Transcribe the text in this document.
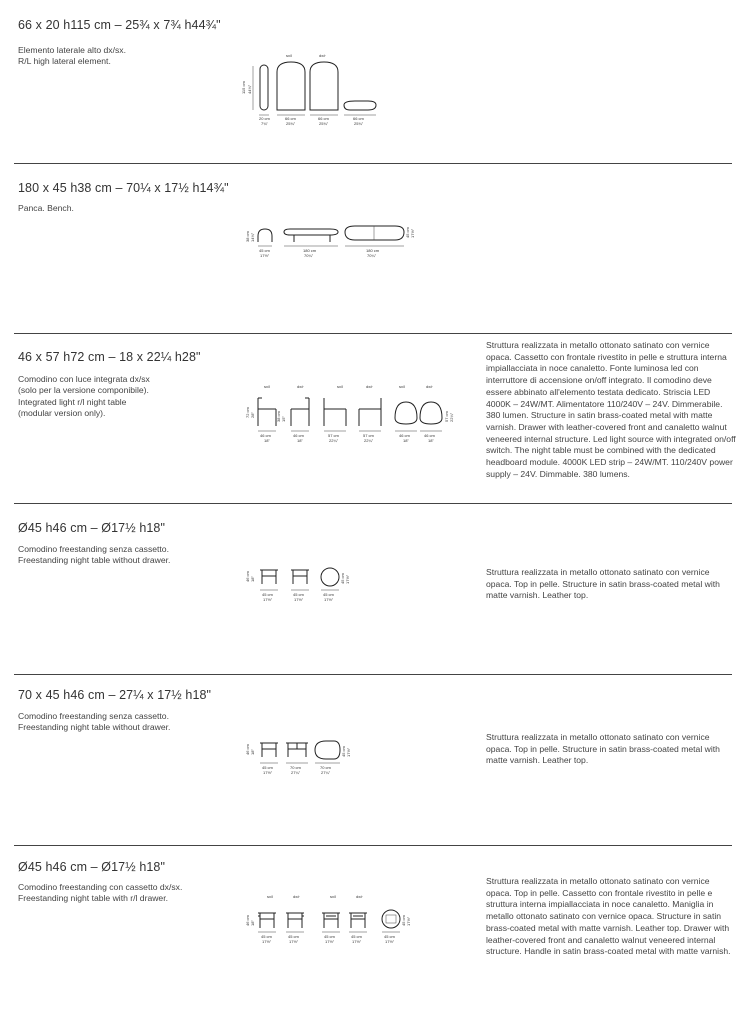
66 x 20 h115 cm – 25¾ x 7¾ h44¾"
Elemento laterale alto dx/sx.
R/L high lateral element.
sx/l	dx/r
115 cm 44¾"
20 cm
7¾"
66 cm
25¾"
66 cm
25¾"
66 cm
25¾"
180 x 45 h38 cm – 70¼ x 17½ h14¾"
Panca. Bench.
38 cm 14¾"	45 cm 17½"
45 cm
17½"
180 cm
70¼"
180 cm
70¼"
46 x 57 h72 cm – 18 x 22¼ h28"
Comodino con luce integrata dx/sx
(solo per la versione componibile).
Integrated light r/l night table
(modular version only).

Struttura realizzata in metallo ottonato satinato con vernice opaca. Cassetto con frontale rivestito in pelle e struttura interna impiallacciata in noce canaletto. Fonte luminosa led con interruttore di accensione on/off integrato. Il comodino deve essere abbinato all'elemento testata dedicato. Striscia LED 4000K – 24W/MT. Alimentatore 110/240V – 24V. Dimmerabile. 380 lumen. Structure in satin brass-coated metal with matte varnish. Drawer with leather-covered front and canaletto walnut veneered internal structure. Led light source with integrated on/off switch. The night table must be combined with the dedicated headboard module. 4000K LED strip – 24W/MT. 110/240V power supply – 24V. Dimmable. 380 lumens.

sx/l	dx/r	sx/l	dx/r	sx/l	dx/r
72 cm 28"	38 cm 15"	57 cm 22¼"
46 cm
18"
46 cm
18"
57 cm
22¼"
57 cm
22¼"
46 cm
18"
46 cm
18"
Ø45 h46 cm – Ø17½ h18"
Comodino freestanding senza cassetto.
Freestanding night table without drawer.

Struttura realizzata in metallo ottonato satinato con vernice opaca. Top in pelle. Structure in satin brass-coated metal with matte varnish. Leather top.

46 cm 18"	45 cm 17½"
45 cm
17½"
45 cm
17½"
45 cm
17½"
70 x 45 h46 cm – 27¼ x 17½ h18"
Comodino freestanding senza cassetto.
Freestanding night table without drawer.

Struttura realizzata in metallo ottonato satinato con vernice opaca. Top in pelle. Structure in satin brass-coated metal with matte varnish. Leather top.

46 cm 18"	45 cm 17½"
45 cm
17½"
70 cm
27¼"
70 cm
27¼"
Ø45 h46 cm – Ø17½ h18"
Comodino freestanding con cassetto dx/sx.
Freestanding night table with r/l drawer.

Struttura realizzata in metallo ottonato satinato con vernice opaca. Top in pelle. Cassetto con frontale rivestito in pelle e struttura interna impiallacciata in noce canaletto. Maniglia in metallo ottonato satinato con vernice opaca. Structure in satin brass-coated metal with matte varnish. Leather top. Drawer with leather-covered front and canaletto walnut veneered internal structure. Handle in satin brass-coated metal with matte varnish.

sx/l	dx/r	sx/l	dx/r
46 cm 18"	45 cm 17½"
45 cm
17½"
45 cm
17½"
45 cm
17½"
45 cm
17½"
45 cm
17½"
